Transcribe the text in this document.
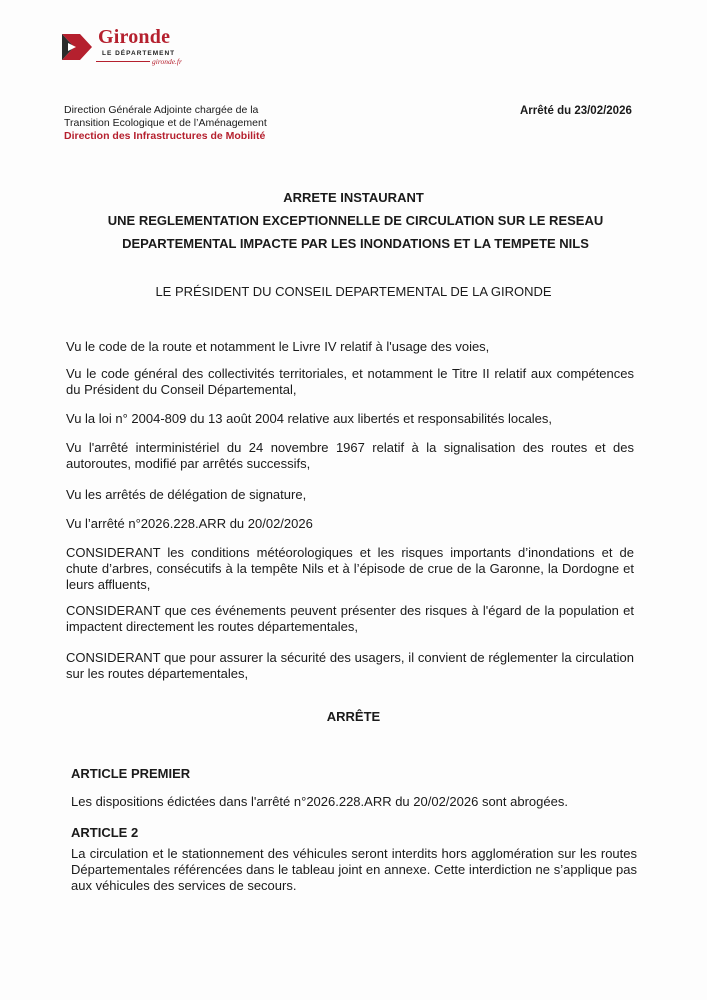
Gironde
LE DÉPARTEMENT
gironde.fr
Direction Générale Adjointe chargée de la
Transition Ecologique et de l’Aménagement
Direction des Infrastructures de Mobilité
Arrêté du 23/02/2026
ARRETE INSTAURANT
UNE REGLEMENTATION EXCEPTIONNELLE DE CIRCULATION SUR LE RESEAU
DEPARTEMENTAL IMPACTE PAR LES INONDATIONS ET LA TEMPETE NILS
LE PRÉSIDENT DU CONSEIL DEPARTEMENTAL DE LA GIRONDE
Vu le code de la route et notamment le Livre IV relatif à l'usage des voies,
Vu le code général des collectivités territoriales, et notamment le Titre II relatif aux compétences du Président du Conseil Départemental,
Vu la loi n° 2004-809 du 13 août 2004 relative aux libertés et responsabilités locales,
Vu l'arrêté interministériel du 24 novembre 1967 relatif à la signalisation des routes et des autoroutes, modifié par arrêtés successifs,
Vu les arrêtés de délégation de signature,
Vu l’arrêté n°2026.228.ARR du 20/02/2026
CONSIDERANT les conditions météorologiques et les risques importants d’inondations et de chute d’arbres, consécutifs à la tempête Nils et à l’épisode de crue de la Garonne, la Dordogne et leurs affluents,
CONSIDERANT que ces événements peuvent présenter des risques à l'égard de la population et impactent directement les routes départementales,
CONSIDERANT que pour assurer la sécurité des usagers, il convient de réglementer la circulation sur les routes départementales,
ARRÊTE
ARTICLE PREMIER
Les dispositions édictées dans l'arrêté n°2026.228.ARR du 20/02/2026 sont abrogées.
ARTICLE 2
La circulation et le stationnement des véhicules seront interdits hors agglomération sur les routes Départementales référencées dans le tableau joint en annexe. Cette interdiction ne s’applique pas aux véhicules des services de secours.
